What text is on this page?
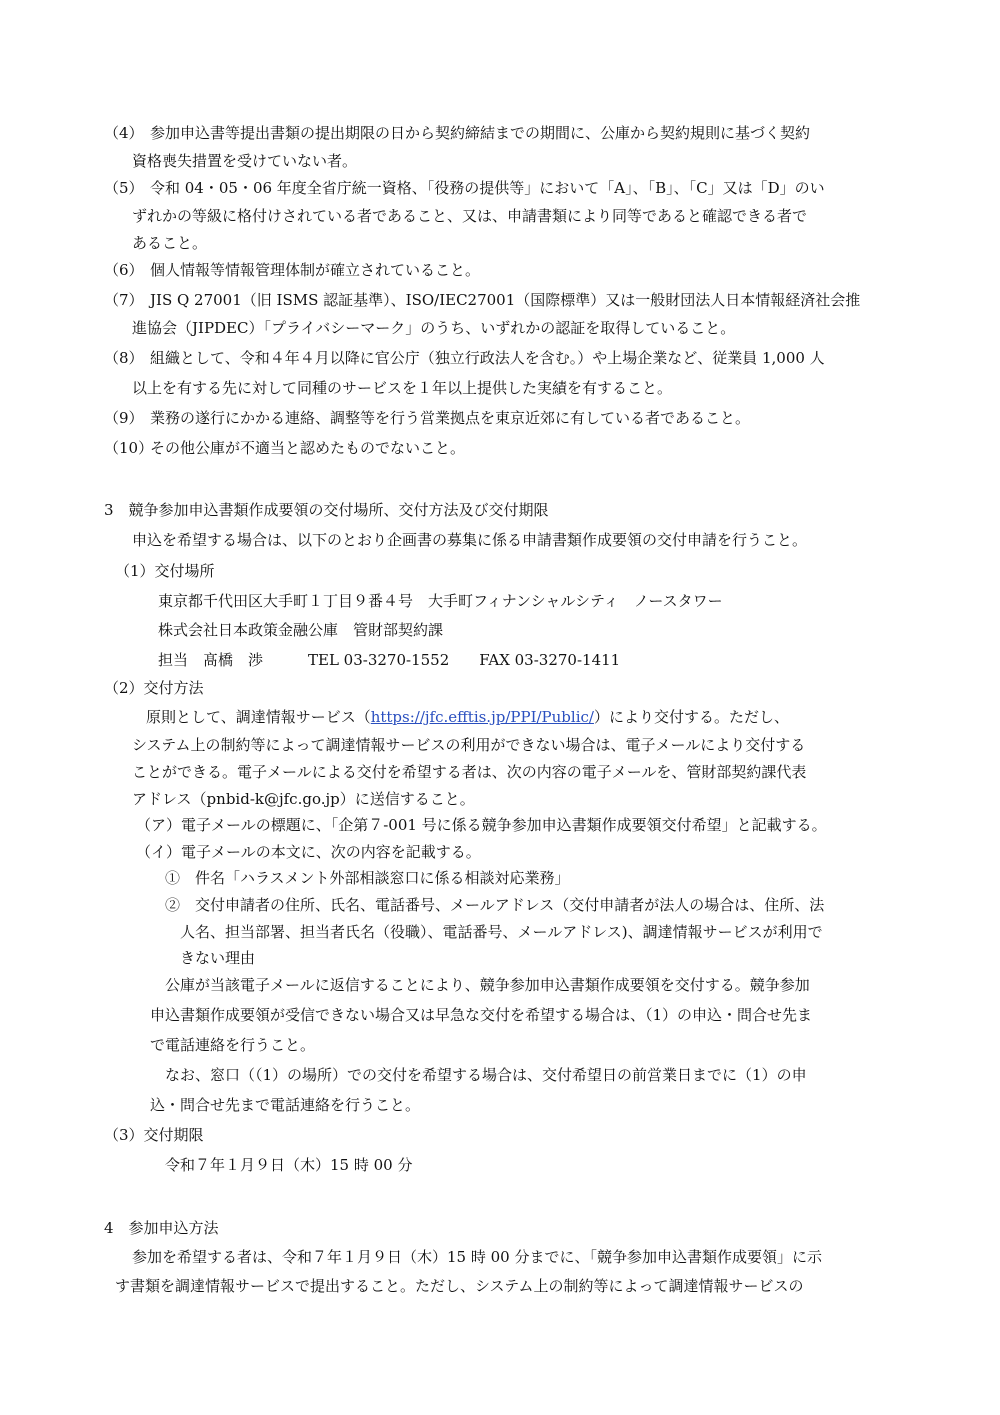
（4） 参加申込書等提出書類の提出期限の日から契約締結までの期間に、公庫から契約規則に基づく契約
資格喪失措置を受けていない者。
（5） 令和 04・05・06 年度全省庁統一資格、「役務の提供等」において「A」、「B」、「C」又は「D」のい
ずれかの等級に格付けされている者であること、又は、申請書類により同等であると確認できる者で
あること。
（6） 個人情報等情報管理体制が確立されていること。
（7） JIS Q 27001（旧 ISMS 認証基準）、ISO/IEC27001（国際標準）又は一般財団法人日本情報経済社会推
進協会（JIPDEC）「プライバシーマーク」のうち、いずれかの認証を取得していること。
（8） 組織として、令和４年４月以降に官公庁（独立行政法人を含む。）や上場企業など、従業員 1,000 人
以上を有する先に対して同種のサービスを１年以上提供した実績を有すること。
（9） 業務の遂行にかかる連絡、調整等を行う営業拠点を東京近郊に有している者であること。
（10）
その他公庫が不適当と認めたものでないこと。
3　競争参加申込書類作成要領の交付場所、交付方法及び交付期限
申込を希望する場合は、以下のとおり企画書の募集に係る申請書類作成要領の交付申請を行うこと。
（1）交付場所
東京都千代田区大手町１丁目９番４号　大手町フィナンシャルシティ　ノースタワー
株式会社日本政策金融公庫　管財部契約課
担当　髙橋　渉　　　TEL 03-3270-1552　　FAX 03-3270-1411
（2）交付方法
原則として、調達情報サービス（https://jfc.efftis.jp/PPI/Public/）により交付する。ただし、
システム上の制約等によって調達情報サービスの利用ができない場合は、電子メールにより交付する
ことができる。電子メールによる交付を希望する者は、次の内容の電子メールを、管財部契約課代表
アドレス（pnbid-k@jfc.go.jp）に送信すること。
（ア）電子メールの標題に、「企第７-001 号に係る競争参加申込書類作成要領交付希望」と記載する。
（イ）電子メールの本文に、次の内容を記載する。
①　件名「ハラスメント外部相談窓口に係る相談対応業務」
②　交付申請者の住所、氏名、電話番号、メールアドレス（交付申請者が法人の場合は、住所、法
人名、担当部署、担当者氏名（役職）、電話番号、メールアドレス)、調達情報サービスが利用で
きない理由
公庫が当該電子メールに返信することにより、競争参加申込書類作成要領を交付する。競争参加
申込書類作成要領が受信できない場合又は早急な交付を希望する場合は、（1）の申込・問合せ先ま
で電話連絡を行うこと。
なお、窓口（（1）の場所）での交付を希望する場合は、交付希望日の前営業日までに（1）の申
込・問合せ先まで電話連絡を行うこと。
（3）交付期限
令和７年１月９日（木）15 時 00 分
4　参加申込方法
参加を希望する者は、令和７年１月９日（木）15 時 00 分までに、「競争参加申込書類作成要領」に示
す書類を調達情報サービスで提出すること。ただし、システム上の制約等によって調達情報サービスの
